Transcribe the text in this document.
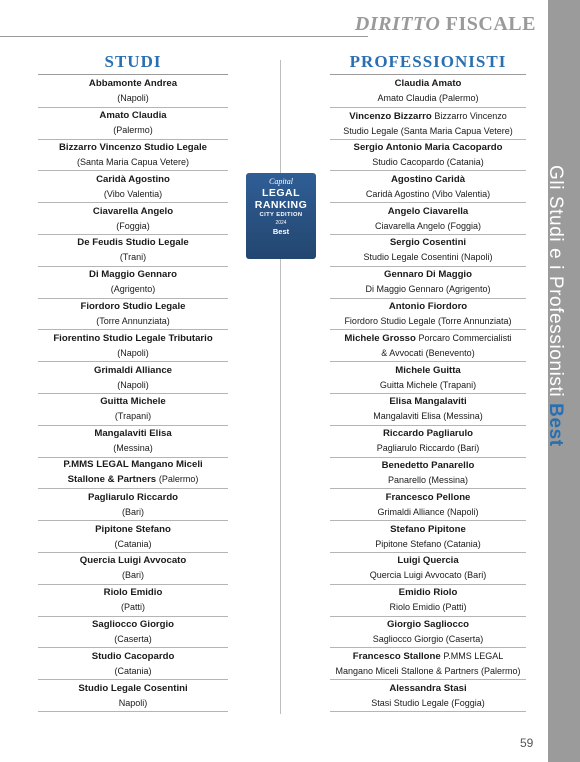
DIRITTO FISCALE
Gli Studi e i Professionisti Best
STUDI	PROFESSIONISTI
Abbamonte Andrea
(Napoli)
Amato Claudia
(Palermo)
Bizzarro Vincenzo Studio Legale
(Santa Maria Capua Vetere)
Caridà Agostino
(Vibo Valentia)
Ciavarella Angelo
(Foggia)
De Feudis Studio Legale
(Trani)
Di Maggio Gennaro
(Agrigento)
Fiordoro Studio Legale
(Torre Annunziata)
Fiorentino Studio Legale Tributario
(Napoli)
Grimaldi Alliance
(Napoli)
Guitta Michele
(Trapani)
Mangalaviti Elisa
(Messina)
P.MMS LEGAL Mangano Miceli
Stallone & Partners (Palermo)
Pagliarulo Riccardo
(Bari)
Pipitone Stefano
(Catania)
Quercia Luigi Avvocato
(Bari)
Riolo Emidio
(Patti)
Sagliocco Giorgio
(Caserta)
Studio Cacopardo
(Catania)
Studio Legale Cosentini
Napoli)
Claudia Amato
Amato Claudia (Palermo)
Vincenzo Bizzarro Bizzarro Vincenzo
Studio Legale (Santa Maria Capua Vetere)
Sergio Antonio Maria Cacopardo
Studio Cacopardo (Catania)
Agostino Caridà
Caridà Agostino (Vibo Valentia)
Angelo Ciavarella
Ciavarella Angelo (Foggia)
Sergio Cosentini
Studio Legale Cosentini (Napoli)
Gennaro Di Maggio
Di Maggio Gennaro (Agrigento)
Antonio Fiordoro
Fiordoro Studio Legale (Torre Annunziata)
Michele Grosso Porcaro Commercialisti
& Avvocati (Benevento)
Michele Guitta
Guitta Michele (Trapani)
Elisa Mangalaviti
Mangalaviti Elisa (Messina)
Riccardo Pagliarulo
Pagliarulo Riccardo (Bari)
Benedetto Panarello
Panarello (Messina)
Francesco Pellone
Grimaldi Alliance (Napoli)
Stefano Pipitone
Pipitone Stefano (Catania)
Luigi Quercia
Quercia Luigi Avvocato (Bari)
Emidio Riolo
Riolo Emidio (Patti)
Giorgio Sagliocco
Sagliocco Giorgio (Caserta)
Francesco Stallone P.MMS LEGAL
Mangano Miceli Stallone & Partners (Palermo)
Alessandra Stasi
Stasi Studio Legale (Foggia)
Capital
LEGAL
RANKING
CITY EDITION
2024
Best
59
